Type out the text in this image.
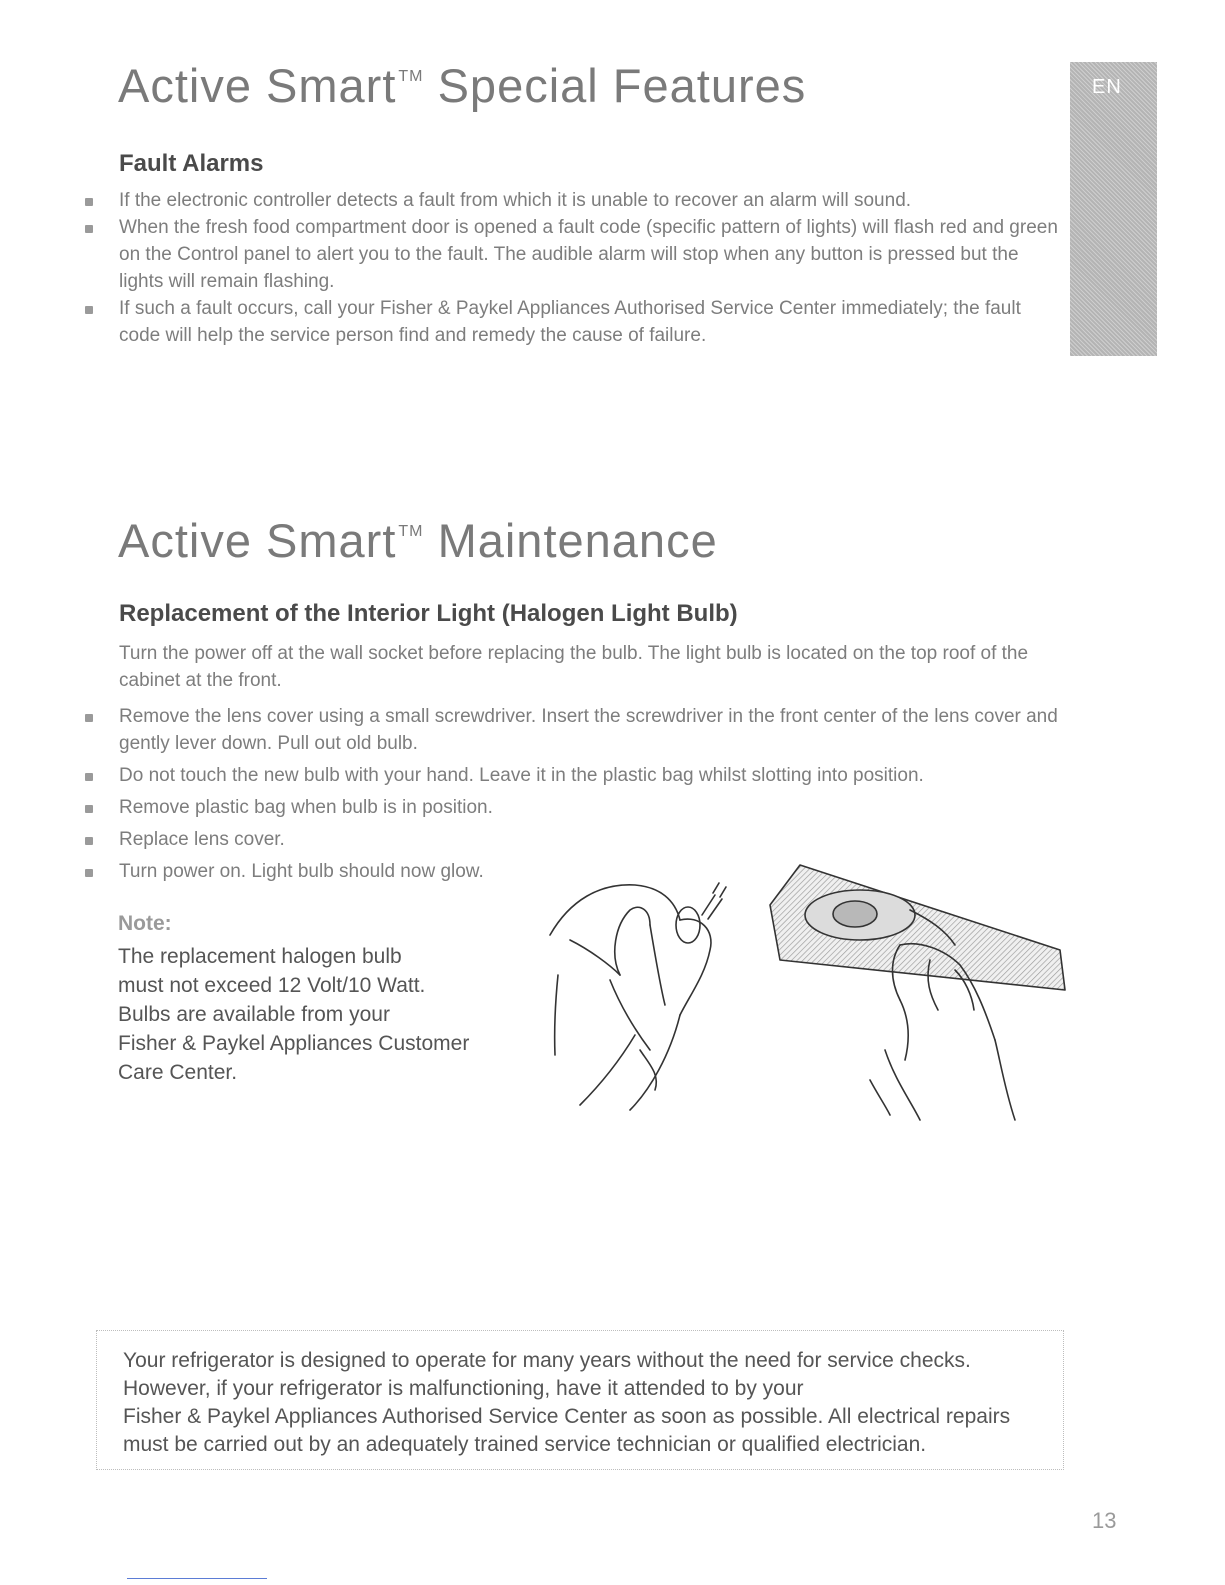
EN
Active Smart ™ Special Features
Fault Alarms
If the electronic controller detects a fault from which it is unable to recover an alarm will sound.
When the fresh food compartment door is opened a fault code (specific pattern of lights) will flash red and green on the Control panel to alert you to the fault. The audible alarm will stop when any button is pressed but the lights will remain flashing.
If such a fault occurs, call your Fisher & Paykel Appliances Authorised Service Center immediately; the fault code will help the service person find and remedy the cause of failure.
Active Smart ™ Maintenance
Replacement of the Interior Light (Halogen Light Bulb)

Turn the power off at the wall socket before replacing the bulb. The light bulb is located on the top roof of the cabinet at the front.

Remove the lens cover using a small screwdriver. Insert the screwdriver in the front center of the lens cover and gently lever down. Pull out old bulb.
Do not touch the new bulb with your hand. Leave it in the plastic bag whilst slotting into position.
Remove plastic bag when bulb is in position.
Replace lens cover.
Turn power on. Light bulb should now glow.

Note:

The replacement halogen bulb

must not exceed 12 Volt/10 Watt.

Bulbs are available from your

Fisher & Paykel Appliances Customer

Care Center.

Your refrigerator is designed to operate for many years without the need for service checks.

However, if your refrigerator is malfunctioning, have it attended to by your

Fisher & Paykel Appliances Authorised Service Center as soon as possible. All electrical repairs

must be carried out by an adequately trained service technician or qualified electrician.

13
